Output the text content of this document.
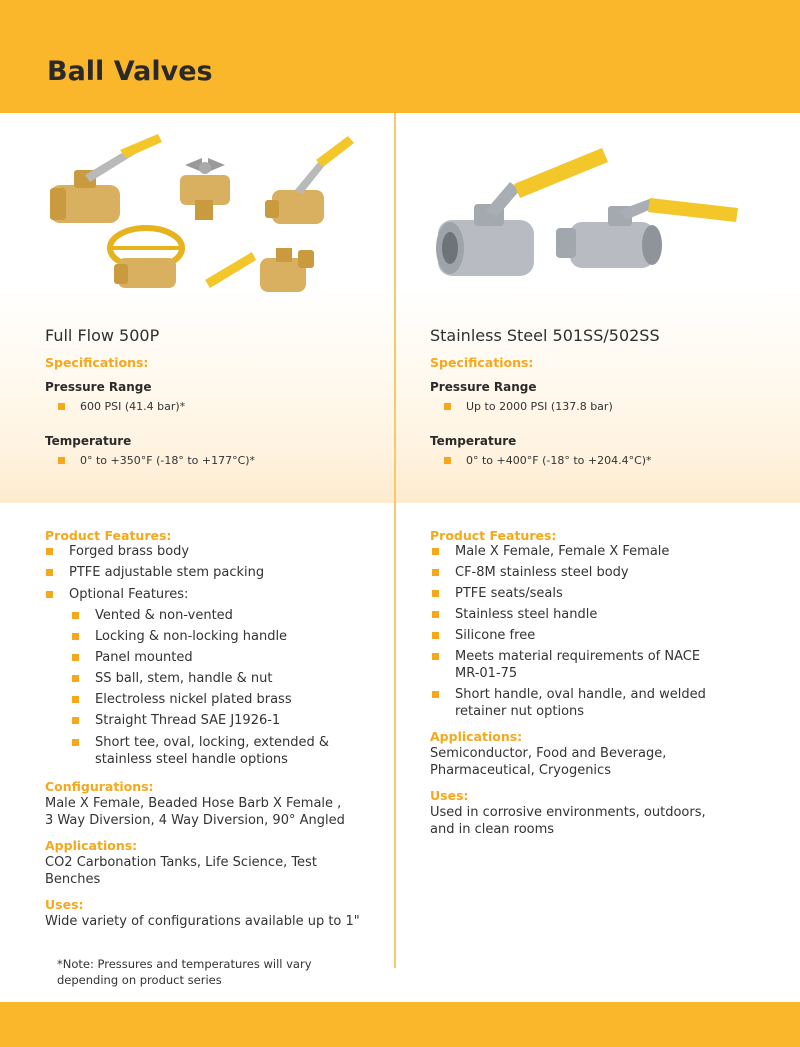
Ball Valves
Full Flow 500P
Specifications:
Pressure Range
600 PSI (41.4 bar)*
Temperature
0° to +350°F (-18° to +177°C)*
Stainless Steel 501SS/502SS
Specifications:
Pressure Range
Up to 2000 PSI (137.8 bar)
Temperature
0° to +400°F (-18° to +204.4°C)*
Product Features:
Forged brass body
PTFE adjustable stem packing
Optional Features:
Vented & non-vented
Locking & non-locking handle
Panel mounted
SS ball, stem, handle & nut
Electroless nickel plated brass
Straight Thread SAE J1926-1
Short tee, oval, locking, extended &
stainless steel handle options
Configurations:
Male X Female, Beaded Hose Barb X Female ,
3 Way Diversion, 4 Way Diversion, 90° Angled
Applications:
CO2 Carbonation Tanks, Life Science, Test
Benches
Uses:
Wide variety of configurations available up to 1"
*Note: Pressures and temperatures will vary
depending on product series
Product Features:
Male X Female, Female X Female
CF-8M stainless steel body
PTFE seats/seals
Stainless steel handle
Silicone free
Meets material requirements of NACE
MR-01-75
Short handle, oval handle, and welded
retainer nut options
Applications:
Semiconductor, Food and Beverage,
Pharmaceutical, Cryogenics
Uses:
Used in corrosive environments, outdoors,
and in clean rooms
